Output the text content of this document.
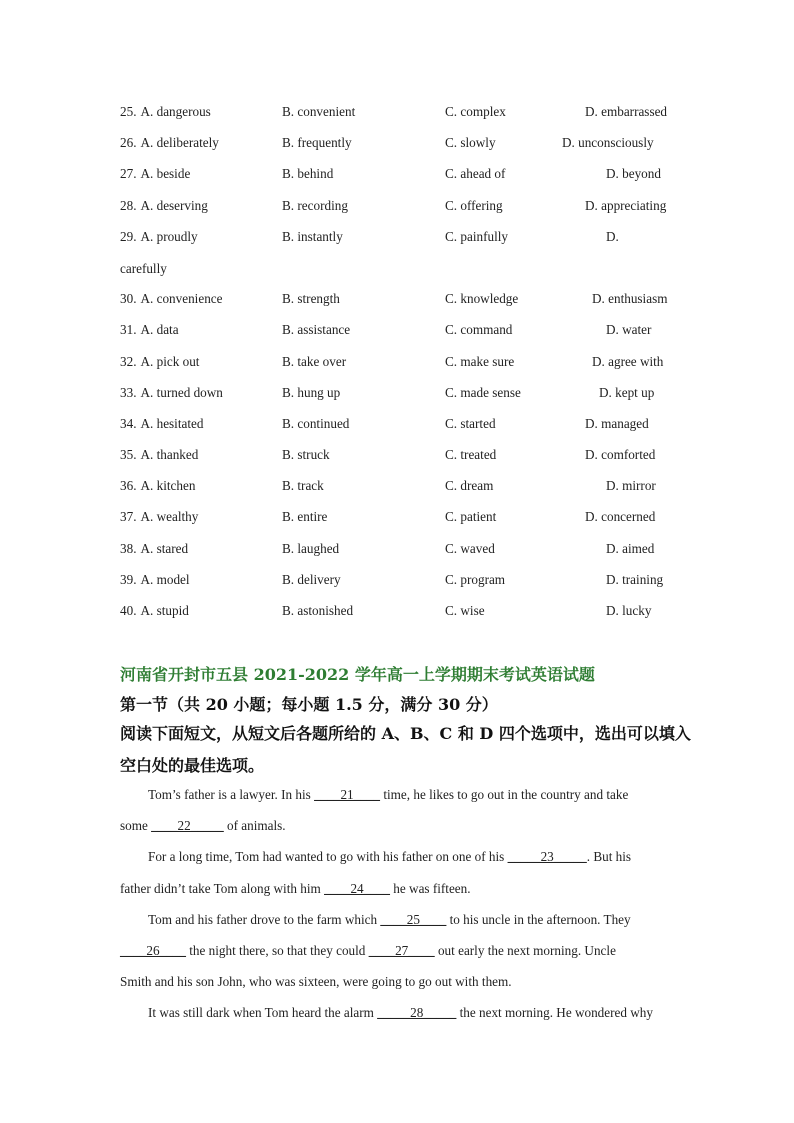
25. A. dangerous	B. convenient	C. complex	D. embarrassed
26. A. deliberately	B. frequently	C. slowly	D. unconsciously
27. A. beside	B. behind	C. ahead of	D. beyond
28. A. deserving	B. recording	C. offering	D. appreciating
29. A. proudly	B. instantly	C. painfully	D.
carefully
30. A. convenience	B. strength	C. knowledge	D. enthusiasm
31. A. data	B. assistance	C. command	D. water
32. A. pick out	B. take over	C. make sure	D. agree with
33. A. turned down	B. hung up	C. made sense	D. kept up
34. A. hesitated	B. continued	C. started	D. managed
35. A. thanked	B. struck	C. treated	D. comforted
36. A. kitchen	B. track	C. dream	D. mirror
37. A. wealthy	B. entire	C. patient	D. concerned
38. A. stared	B. laughed	C. waved	D. aimed
39. A. model	B. delivery	C. program	D. training
40. A. stupid	B. astonished	C. wise	D. lucky
河南省开封市五县 2021-2022 学年高一上学期期末考试英语试题
第一节（共 20 小题；每小题 1.5 分，满分 30 分）
阅读下面短文，从短文后各题所给的 A、B、C 和 D 四个选项中，选出可以填入
空白处的最佳选项。
Tom’s father is a lawyer. In his ____21____ time, he likes to go out in the country and take
some ____22_____ of animals.
For a long time, Tom had wanted to go with his father on one of his _____23_____. But his
father didn’t take Tom along with him ____24____ he was fifteen.
Tom and his father drove to the farm which ____25____ to his uncle in the afternoon. They
____26____ the night there, so that they could ____27____ out early the next morning. Uncle
Smith and his son John, who was sixteen, were going to go out with them.
It was still dark when Tom heard the alarm _____28_____ the next morning. He wondered why
